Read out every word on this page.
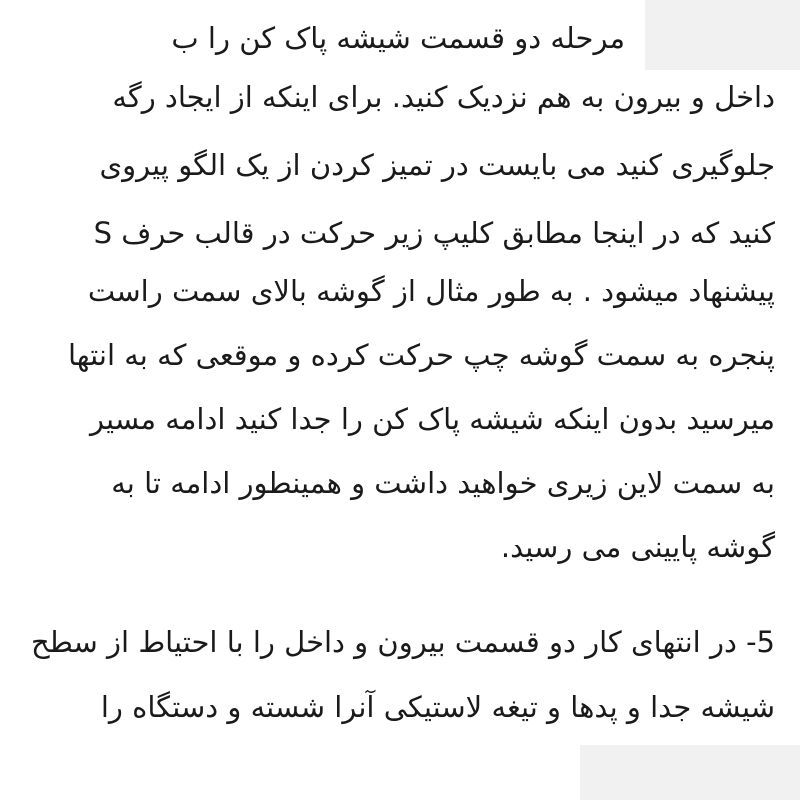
مرحله دو قسمت شیشه پاک کن را ب
داخل و بیرون به هم نزدیک کنید. برای اینکه از ایجاد رگه
جلوگیری کنید می بایست در تمیز کردن از یک الگو پیروی
کنید که در اینجا مطابق کلیپ زیر حرکت در قالب حرف S
پیشنهاد میشود . به طور مثال از گوشه بالای سمت راست
پنجره به سمت گوشه چپ حرکت کرده و موقعی که به انتها
میرسید بدون اینکه شیشه پاک کن را جدا کنید ادامه مسیر
به سمت لاین زیری خواهید داشت و همینطور ادامه تا به
گوشه پایینی می رسید.
5- در انتهای کار دو قسمت بیرون و داخل را با احتیاط از سطح
شیشه جدا و پدها و تیغه لاستیکی آنرا شسته و دستگاه را
